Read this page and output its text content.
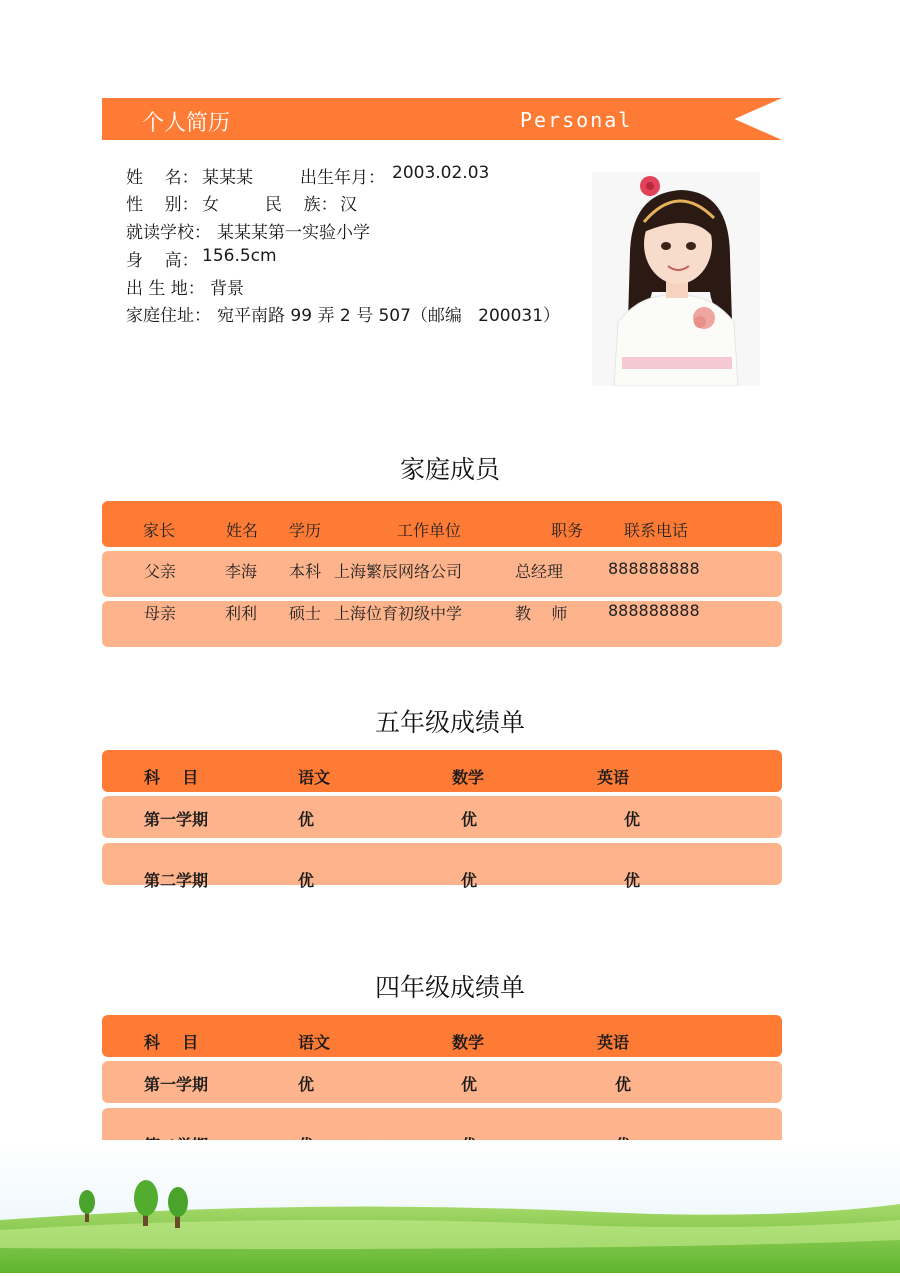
个人简历	Personal
姓    名： 某某某	出生年月： 2003.02.03
性    别： 女	民    族： 汉
就读学校： 某某某第一实验小学
身    高： 156.5cm
出 生 地： 背景
家庭住址： 宛平南路 99 弄 2 号 507（邮编   200031）
家庭成员
家长	姓名 学历	工作单位	职务	联系电话
父亲	李海 本科 上海繁辰网络公司	总经理	888888888
母亲	利利 硕士 上海位育初级中学	教    师	888888888
五年级成绩单
科    目	语文	数学	英语
第一学期	优	优	优
第二学期	优	优	优
四年级成绩单
科    目	语文	数学	英语
第一学期	优	优	优
